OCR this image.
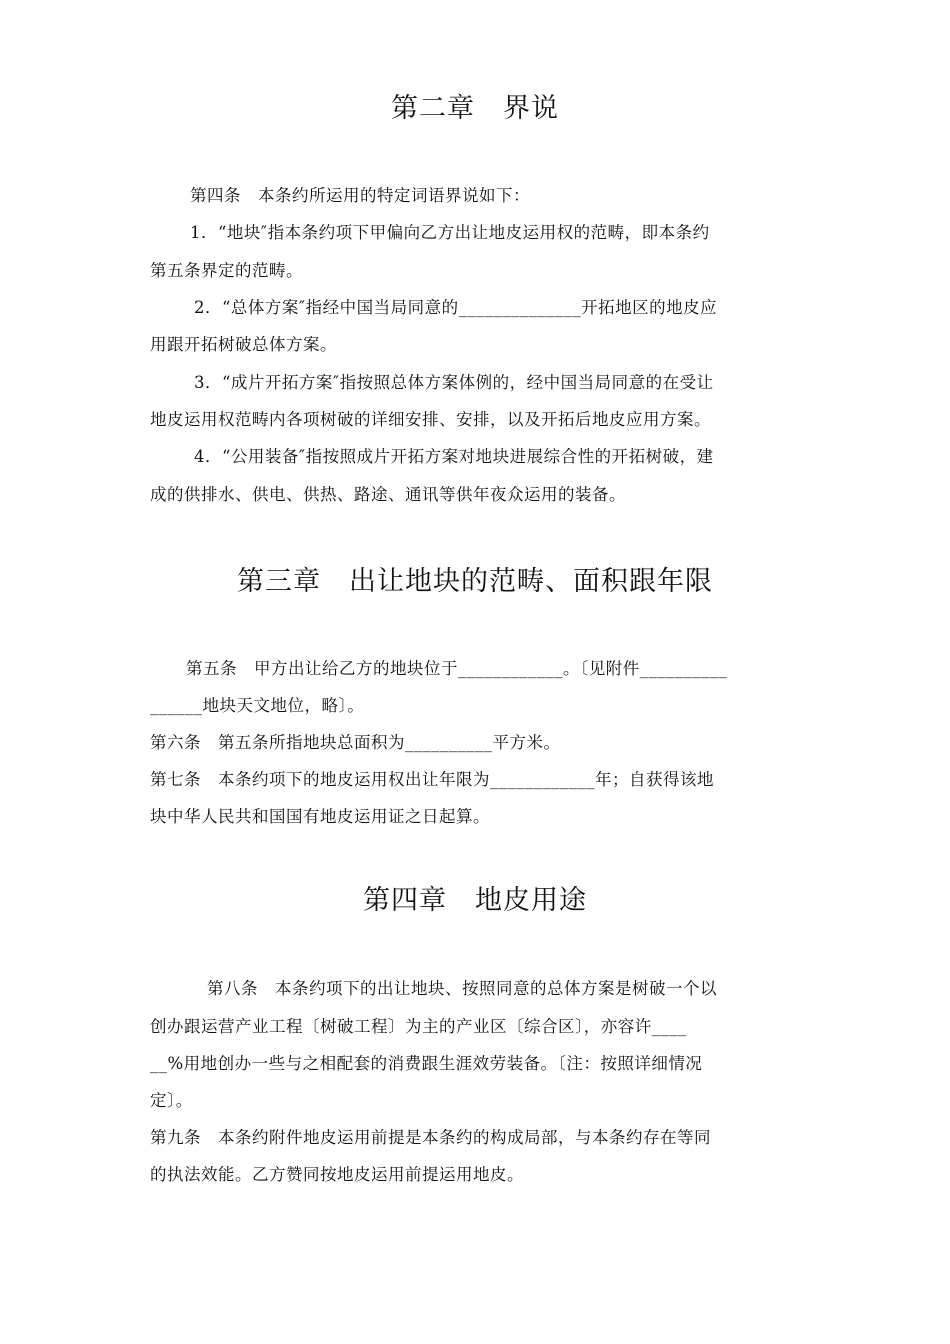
第二章　界说

第四条　本条约所运用的特定词语界说如下：

1．“地块″指本条约项下甲偏向乙方出让地皮运用权的范畴，即本条约

第五条界定的范畴。

2．“总体方案″指经中国当局同意的______________开拓地区的地皮应

用跟开拓树破总体方案。

3．“成片开拓方案″指按照总体方案体例的，经中国当局同意的在受让

地皮运用权范畴内各项树破的详细安排、安排，以及开拓后地皮应用方案。

4．“公用装备″指按照成片开拓方案对地块进展综合性的开拓树破，建

成的供排水、供电、供热、路途、通讯等供年夜众运用的装备。

第三章　出让地块的范畴、面积跟年限

第五条　甲方出让给乙方的地块位于____________。〔见附件__________

______地块天文地位，略〕。

第六条　第五条所指地块总面积为__________平方米。

第七条　本条约项下的地皮运用权出让年限为____________年；自获得该地

块中华人民共和国国有地皮运用证之日起算。

第四章　地皮用途

第八条　本条约项下的出让地块、按照同意的总体方案是树破一个以

创办跟运营产业工程〔树破工程〕为主的产业区〔综合区〕，亦容许____

__%用地创办一些与之相配套的消费跟生涯效劳装备。〔注：按照详细情况

定〕。

第九条　本条约附件地皮运用前提是本条约的构成局部，与本条约存在等同

的执法效能。乙方赞同按地皮运用前提运用地皮。
